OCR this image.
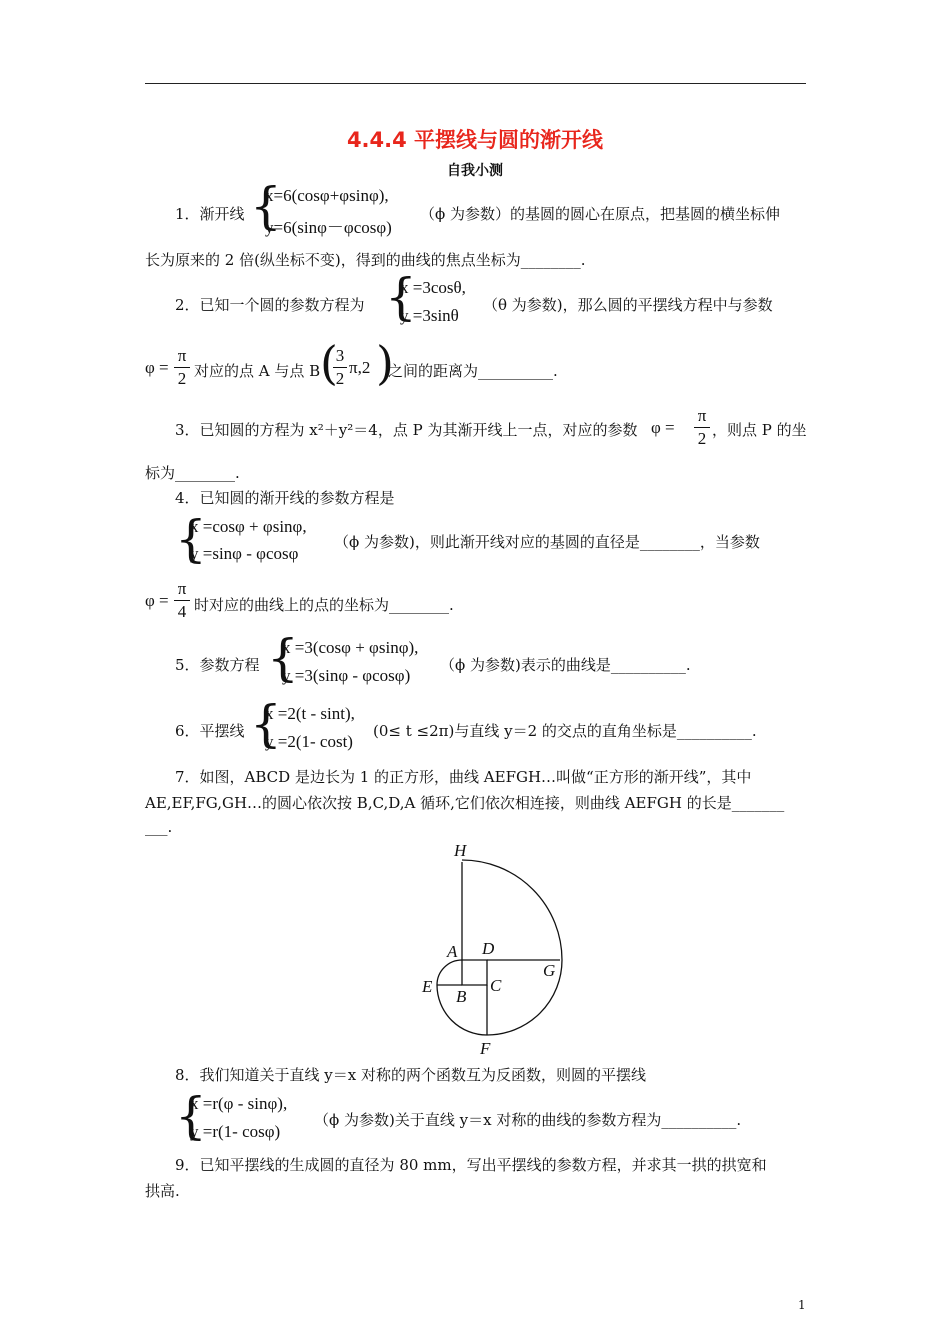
4.4.4 平摆线与圆的渐开线
自我小测
1．渐开线 {
x=6(cosφ+φsinφ),
y=6(sinφ－φcosφ)
（ϕ 为参数）的基圆的圆心在原点，把基圆的横坐标伸
长为原来的 2 倍(纵坐标不变)，得到的曲线的焦点坐标为________.
2．已知一个圆的参数方程为 {
x =3cosθ,
y =3sinθ
（θ 为参数)，那么圆的平摆线方程中与参数
φ =
π
2 对应的点 A 与点 B (
3
2
π,2 )
之间的距离为__________.
3．已知圆的方程为 x²＋y²＝4，点 P 为其渐开线上一点，对应的参数 φ =
π
2 ，则点 P 的坐
标为________.
4．已知圆的渐开线的参数方程是
{
x =cosφ + φsinφ,
y =sinφ - φcosφ
（ϕ 为参数)，则此渐开线对应的基圆的直径是________，当参数
φ =
π
4 时对应的曲线上的点的坐标为________.
5．参数方程 {
x =3(cosφ + φsinφ),
y =3(sinφ - φcosφ)
（ϕ 为参数)表示的曲线是__________.
6．平摆线 {
x =2(t - sint),
y =2(1- cost)
(0≤ t ≤2π)与直线 y＝2 的交点的直角坐标是__________.
7．如图，ABCD 是边长为 1 的正方形，曲线 AEFGH…叫做“正方形的渐开线”，其中
AE,EF,FG,GH…的圆心依次按 B,C,D,A 循环,它们依次相连接，则曲线 AEFGH 的长是_______
___.
H
A D
G
E
B
C
F
8．我们知道关于直线 y＝x 对称的两个函数互为反函数，则圆的平摆线
{
x =r(φ - sinφ),
y =r(1- cosφ)
（ϕ 为参数)关于直线 y＝x 对称的曲线的参数方程为__________.
9．已知平摆线的生成圆的直径为 80 mm，写出平摆线的参数方程，并求其一拱的拱宽和
拱高.
1
